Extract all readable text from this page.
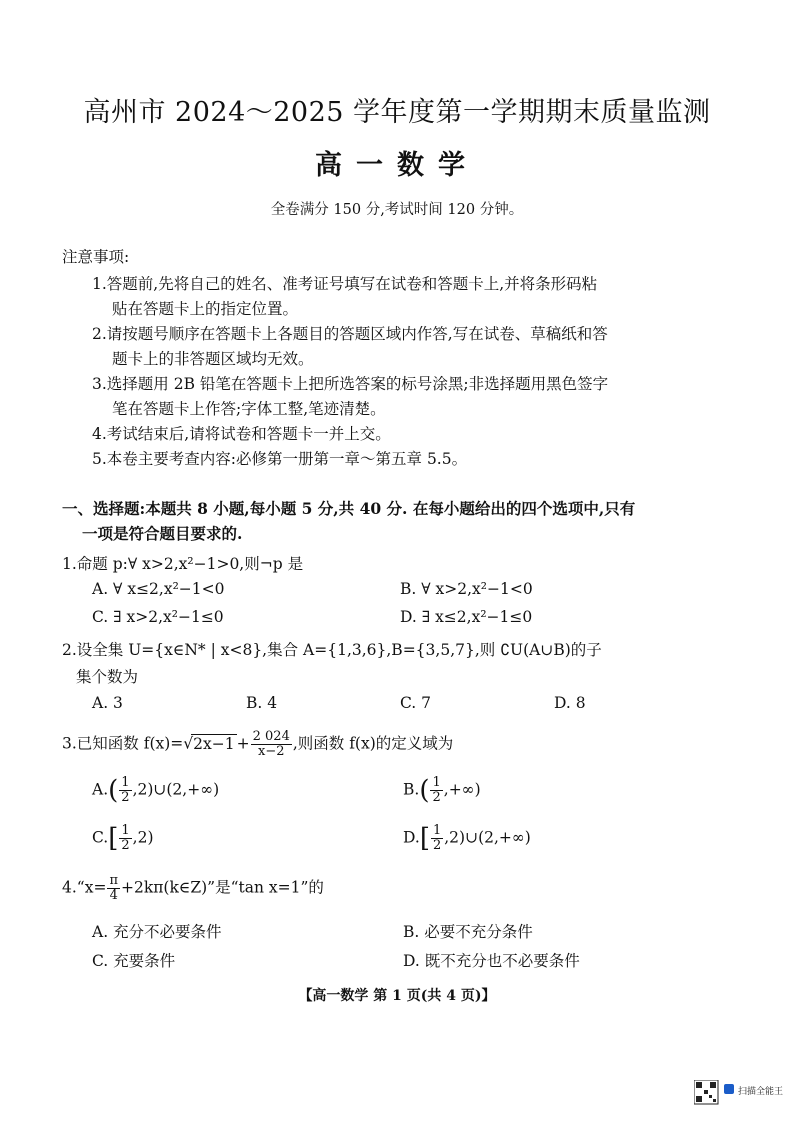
高州市 2024～2025 学年度第一学期期末质量监测
高一数学
全卷满分 150 分,考试时间 120 分钟。
注意事项:
1.答题前,先将自己的姓名、准考证号填写在试卷和答题卡上,并将条形码粘
贴在答题卡上的指定位置。
2.请按题号顺序在答题卡上各题目的答题区域内作答,写在试卷、草稿纸和答
题卡上的非答题区域均无效。
3.选择题用 2B 铅笔在答题卡上把所选答案的标号涂黑;非选择题用黑色签字
笔在答题卡上作答;字体工整,笔迹清楚。
4.考试结束后,请将试卷和答题卡一并上交。
5.本卷主要考查内容:必修第一册第一章～第五章 5.5。
一、选择题:本题共 8 小题,每小题 5 分,共 40 分. 在每小题给出的四个选项中,只有
一项是符合题目要求的.
1.命题 p:∀ x>2,x²−1>0,则¬p 是
A. ∀ x≤2,x²−1<0	B. ∀ x>2,x²−1<0
C. ∃ x>2,x²−1≤0	D. ∃ x≤2,x²−1≤0
2.设全集 U={x∈N* | x<8},集合 A={1,3,6},B={3,5,7},则 ∁U(A∪B)的子
集个数为
A. 3	B. 4	C. 7	D. 8
3.已知函数 $f(x)=√2x-1 + \frac{2 024}{x-2}$ ,则函数 f(x)的定义域为
$A.( \frac{1}{2}$ ,2)∪(2,+∞)	$B.( \frac{1}{2}$ ,+∞)
$C.[ \frac{1}{2} ,2)$	$D.[ \frac{1}{2}$ ,2)∪(2,+∞)
4.“x= $\frac{\pi}{4}$ +2kπ(k∈Z)”是“tan x=1”的
A. 充分不必要条件	B. 必要不充分条件
C. 充要条件	D. 既不充分也不必要条件
【高一数学 第 1 页(共 4 页)】
扫描全能王
